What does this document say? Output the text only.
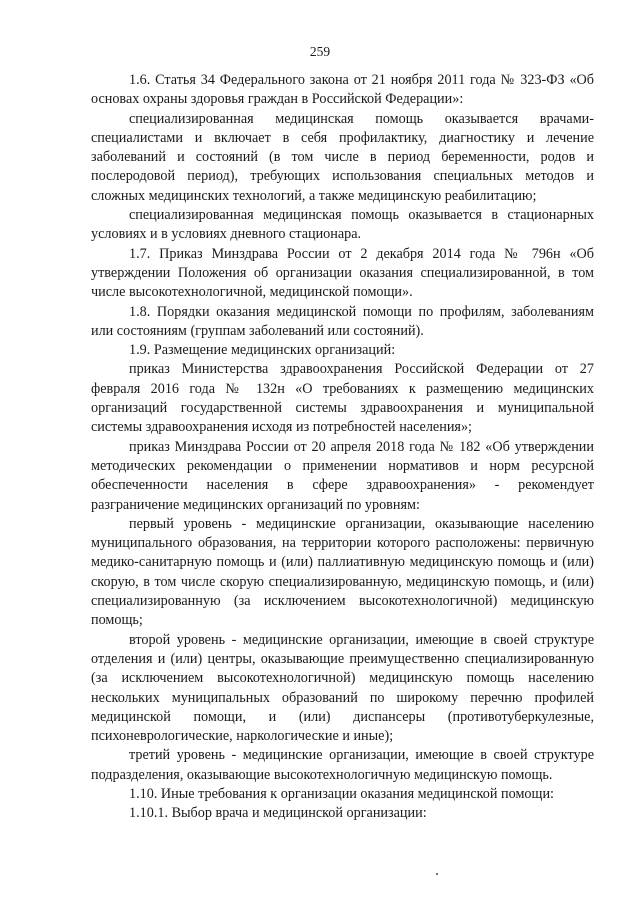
259

1.6. Статья 34 Федерального закона от 21 ноября 2011 года № 323-ФЗ «Об основах охраны здоровья граждан в Российской Федерации»:

специализированная медицинская помощь оказывается врачами-специалистами и включает в себя профилактику, диагностику и лечение заболеваний и состояний (в том числе в период беременности, родов и послеродовой период), требующих использования специальных методов и сложных медицинских технологий, а также медицинскую реабилитацию;

специализированная медицинская помощь оказывается в стационарных условиях и в условиях дневного стационара.

1.7. Приказ Минздрава России от 2 декабря 2014 года № 796н «Об утверждении Положения об организации оказания специализированной, в том числе высокотехнологичной, медицинской помощи».

1.8. Порядки оказания медицинской помощи по профилям, заболеваниям или состояниям (группам заболеваний или состояний).

1.9. Размещение медицинских организаций:

приказ Министерства здравоохранения Российской Федерации от 27 февраля 2016 года № 132н «О требованиях к размещению медицинских организаций государственной системы здравоохранения и муниципальной системы здравоохранения исходя из потребностей населения»;

приказ Минздрава России от 20 апреля 2018 года № 182 «Об утверждении методических рекомендации о применении нормативов и норм ресурсной обеспеченности населения в сфере здравоохранения» - рекомендует разграничение медицинских организаций по уровням:

первый уровень - медицинские организации, оказывающие населению муниципального образования, на территории которого расположены: первичную медико-санитарную помощь и (или) паллиативную медицинскую помощь и (или) скорую, в том числе скорую специализированную, медицинскую помощь, и (или) специализированную (за исключением высокотехнологичной) медицинскую помощь;

второй уровень - медицинские организации, имеющие в своей структуре отделения и (или) центры, оказывающие преимущественно специализированную (за исключением высокотехнологичной) медицинскую помощь населению нескольких муниципальных образований по широкому перечню профилей медицинской помощи, и (или) диспансеры (противотуберкулезные, психоневрологические, наркологические и иные);

третий уровень - медицинские организации, имеющие в своей структуре подразделения, оказывающие высокотехнологичную медицинскую помощь.

1.10. Иные требования к организации оказания медицинской помощи:

1.10.1. Выбор врача и медицинской организации:
